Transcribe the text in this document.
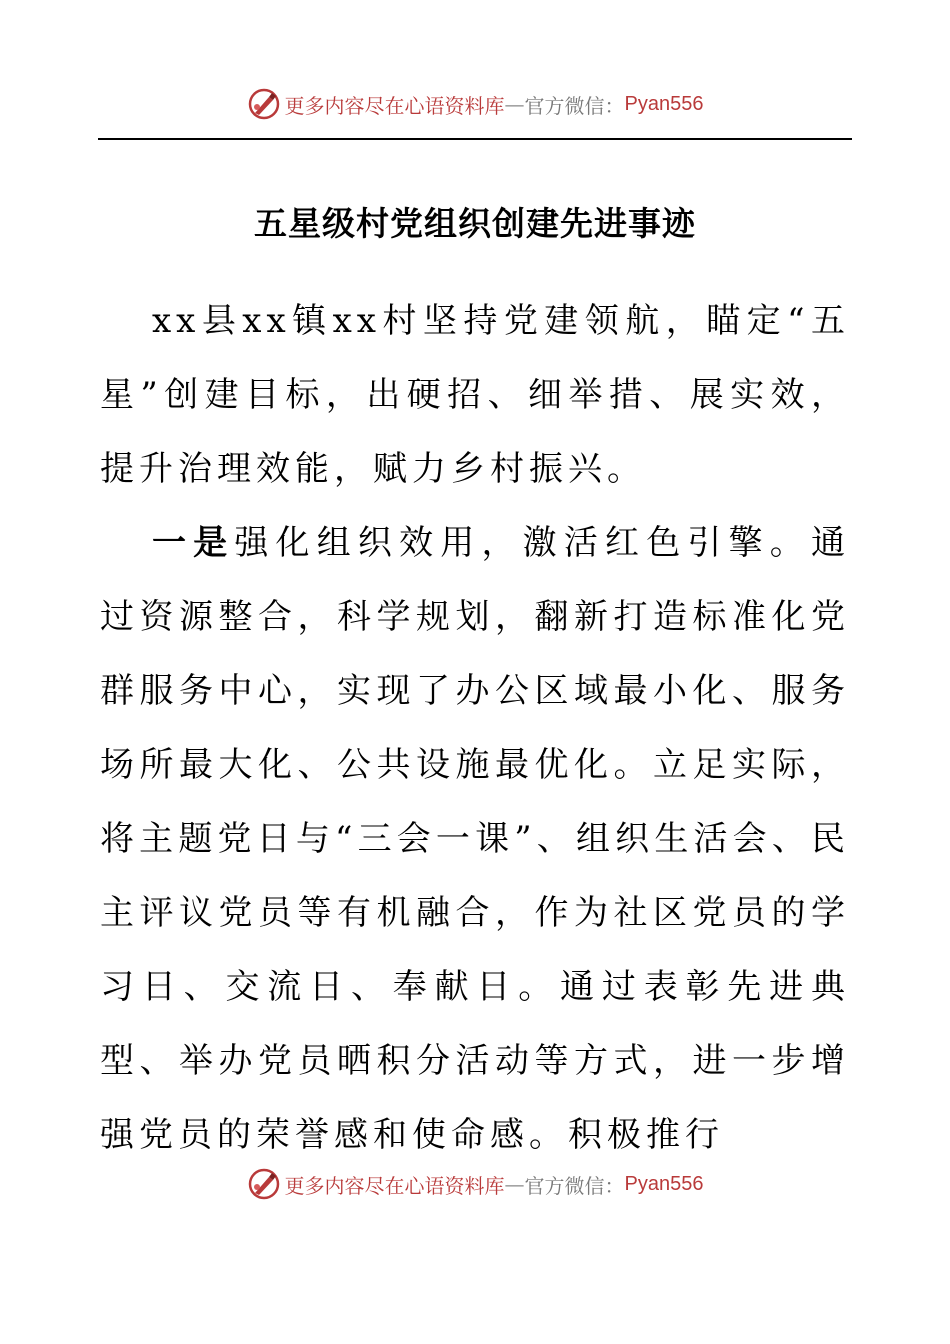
更多内容尽在心语资料库 — 官方微信： Pyan556
五星级村党组织创建先进事迹

xx县xx镇xx村坚持党建领航，瞄定“五星”创建目标，出硬招、细举措、展实效，提升治理效能，赋力乡村振兴。

一是强化组织效用，激活红色引擎。通过资源整合，科学规划，翻新打造标准化党群服务中心，实现了办公区域最小化、服务场所最大化、公共设施最优化。立足实际，将主题党日与“三会一课”、组织生活会、民主评议党员等有机融合，作为社区党员的学习日、交流日、奉献日。通过表彰先进典型、举办党员晒积分活动等方式，进一步增强党员的荣誉感和使命感。积极推行

更多内容尽在心语资料库 — 官方微信： Pyan556
